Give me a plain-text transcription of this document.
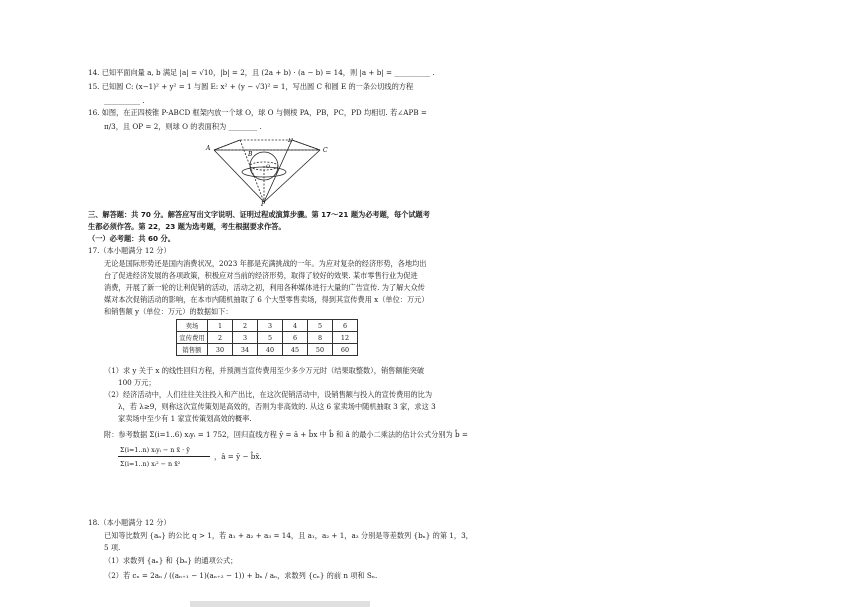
14. 已知平面向量 a, b 满足 |a| = √10，|b| = 2，且 (2a + b) · (a − b) = 14，则 |a + b| = __________ .
15. 已知圆 C: (x−1)² + y² = 1 与圆 E: x² + (y − √3)² = 1，写出圆 C 和圆 E 的一条公切线的方程
__________ .
16. 如图，在正四棱锥 P-ABCD 框架内放一个球 O，球 O 与侧棱 PA，PB，PC，PD 均相切. 若∠APB =
π/3，且 OP = 2，则球 O 的表面积为 ________ .
A
B
C
D
O
P
三、解答题：共 70 分。解答应写出文字说明、证明过程或演算步骤。第 17～21 题为必考题，每个试题考
生都必须作答。第 22，23 题为选考题，考生根据要求作答。
（一）必考题：共 60 分。
17.（本小题满分 12 分）
无论是国际形势还是国内消费状况，2023 年都是充满挑战的一年。为应对复杂的经济形势，各地均出
台了促进经济发展的各项政策，积极应对当前的经济形势，取得了较好的效果. 某市零售行业为促进
消费，开展了新一轮的让利促销的活动，活动之初，利用各种媒体进行大量的广告宣传. 为了解大众传
媒对本次促销活动的影响，在本市内随机抽取了 6 个大型零售卖场，得到其宣传费用 x（单位：万元）
和销售额 y（单位：万元）的数据如下：
卖场	1	2	3	4	5	6
宣传费用	2	3	5	6	8	12
销售额	30	34	40	45	50	60
（1）求 y 关于 x 的线性回归方程，并预测当宣传费用至少多少万元时（结果取整数），销售额能突破
100 万元；
（2）经济活动中，人们往往关注投入和产出比，在这次促销活动中，设销售额与投入的宣传费用的比为
λ，若 λ≥9，则称这次宣传策划是高效的，否则为非高效的. 从这 6 家卖场中随机抽取 3 家，求这 3
家卖场中至少有 1 家宣传策划高效的概率.
附：参考数据 Σ(i=1..6) xᵢyᵢ = 1 752，回归直线方程 ŷ = â + b̂x 中 b̂ 和 â 的最小二乘法的估计公式分别为 b̂ =
Σ(i=1..n) xᵢyᵢ − n x̄ · ȳ
Σ(i=1..n) xᵢ² − n x̄²
，â = ȳ − b̂x̄.
18.（本小题满分 12 分）
已知等比数列 {aₙ} 的公比 q > 1，若 a₁ + a₂ + a₃ = 14，且 a₁，a₂ + 1，a₃ 分别是等差数列 {bₙ} 的第 1，3，
5 项.
（1）求数列 {aₙ} 和 {bₙ} 的通项公式；
（2）若 cₙ = 2aₙ / ((aₙ₊₁ − 1)(aₙ₊₂ − 1)) + bₙ / aₙ，求数列 {cₙ} 的前 n 项和 Sₙ.
